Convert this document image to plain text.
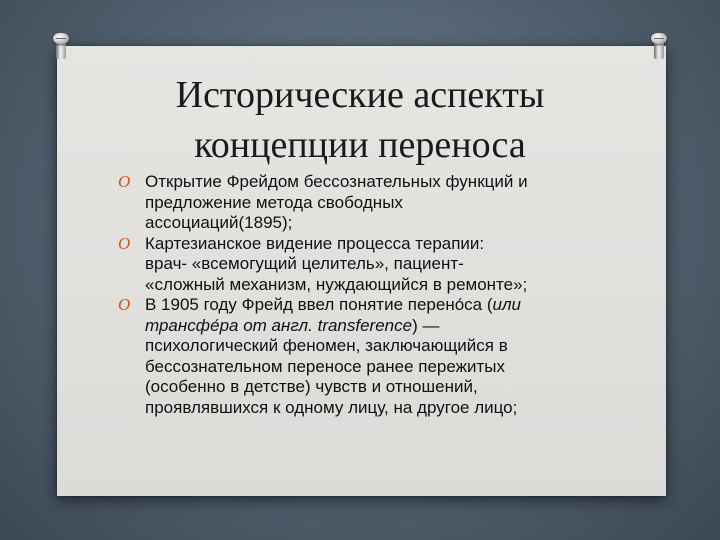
Исторические аспекты
концепции переноса
O Открытие Фрейдом бессознательных функций и
предложение метода свободных
ассоциаций(1895);
O Картезианское видение процесса терапии:
врач- «всемогущий целитель», пациент-
«сложный механизм, нуждающийся в ремонте»;
O В 1905 году Фрейд ввел понятие перено́са (или
трансфе́ра от англ. transference) —
психологический феномен, заключающийся в
бессознательном переносе ранее пережитых
(особенно в детстве) чувств и отношений,
проявлявшихся к одному лицу, на другое лицо;
